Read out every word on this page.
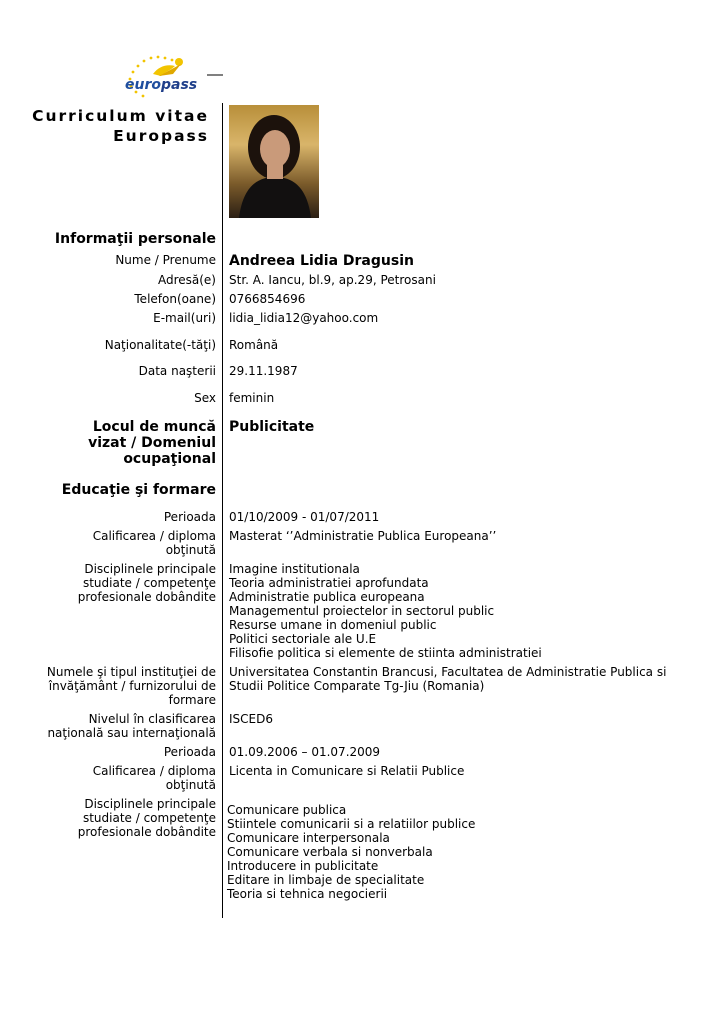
europass
Curriculum vitae
Europass
Informaţii personale
Nume / Prenume Andreea Lidia Dragusin
Adresă(e) Str. A. Iancu, bl.9, ap.29, Petrosani
Telefon(oane) 0766854696
E-mail(uri) lidia_lidia12@yahoo.com
Naţionalitate(-tăţi) Română
Data naşterii 29.11.1987
Sex feminin
Locul de muncă vizat / Domeniul ocupaţional
Publicitate
Educaţie şi formare
Perioada 01/10/2009 - 01/07/2011
Calificarea / diploma obţinută
Masterat ‘’Administratie Publica Europeana’’
Disciplinele principale studiate / competenţe profesionale dobândite
Imagine institutionala
Teoria administratiei aprofundata
Administratie publica europeana
Managementul proiectelor in sectorul public
Resurse umane in domeniul public
Politici sectoriale ale U.E
Filisofie politica si elemente de stiinta administratiei
Numele şi tipul instituţiei de învăţământ / furnizorului de formare
Universitatea Constantin Brancusi, Facultatea de Administratie Publica si Studii Politice Comparate Tg-Jiu (Romania)
Nivelul în clasificarea naţională sau internaţională
ISCED6
Perioada 01.09.2006 – 01.07.2009
Calificarea / diploma obţinută
Licenta in Comunicare si Relatii Publice
Disciplinele principale studiate / competenţe profesionale dobândite
Comunicare publica
Stiintele comunicarii si a relatiilor publice
Comunicare interpersonala
Comunicare verbala si nonverbala
Introducere in publicitate
Editare in limbaje de specialitate
Teoria si tehnica negocierii
